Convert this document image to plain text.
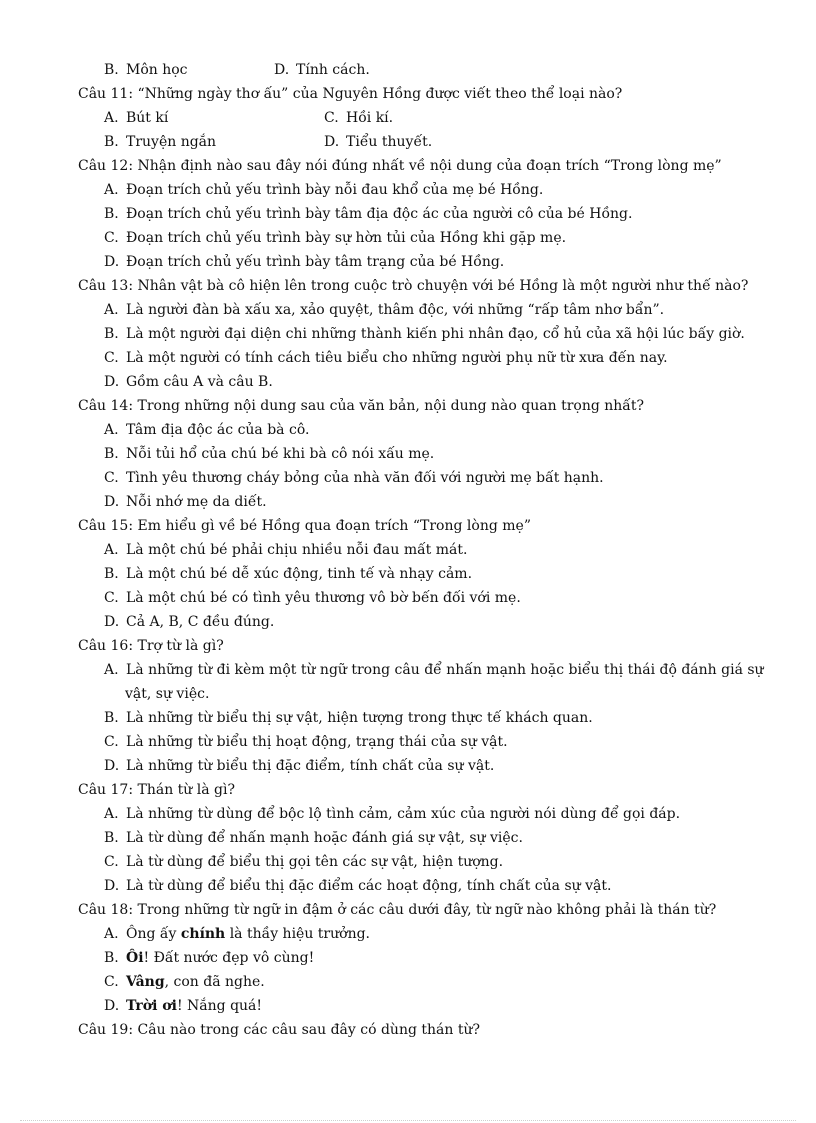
B. Môn học	D. Tính cách.
Câu 11: “Những ngày thơ ấu” của Nguyên Hồng được viết theo thể loại nào?
A. Bút kí	C. Hồi kí.
B. Truyện ngắn	D. Tiểu thuyết.
Câu 12: Nhận định nào sau đây nói đúng nhất về nội dung của đoạn trích “Trong lòng mẹ”
A. Đoạn trích chủ yếu trình bày nỗi đau khổ của mẹ bé Hồng.
B. Đoạn trích chủ yếu trình bày tâm địa độc ác của người cô của bé Hồng.
C. Đoạn trích chủ yếu trình bày sự hờn tủi của Hồng khi gặp mẹ.
D. Đoạn trích chủ yếu trình bày tâm trạng của bé Hồng.
Câu 13: Nhân vật bà cô hiện lên trong cuộc trò chuyện với bé Hồng là một người như thế nào?
A. Là người đàn bà xấu xa, xảo quyệt, thâm độc, với những “rấp tâm nhơ bẩn”.
B. Là một người đại diện chi những thành kiến phi nhân đạo, cổ hủ của xã hội lúc bấy giờ.
C. Là một người có tính cách tiêu biểu cho những người phụ nữ từ xưa đến nay.
D. Gồm câu A và câu B.
Câu 14: Trong những nội dung sau của văn bản, nội dung nào quan trọng nhất?
A. Tâm địa độc ác của bà cô.
B. Nỗi tủi hổ của chú bé khi bà cô nói xấu mẹ.
C. Tình yêu thương cháy bỏng của nhà văn đối với người mẹ bất hạnh.
D. Nỗi nhớ mẹ da diết.
Câu 15: Em hiểu gì về bé Hồng qua đoạn trích “Trong lòng mẹ”
A. Là một chú bé phải chịu nhiều nỗi đau mất mát.
B. Là một chú bé dễ xúc động, tinh tế và nhạy cảm.
C. Là một chú bé có tình yêu thương vô bờ bến đối với mẹ.
D. Cả A, B, C đều đúng.
Câu 16: Trợ từ là gì?
A. Là những từ đi kèm một từ ngữ trong câu để nhấn mạnh hoặc biểu thị thái độ đánh giá sự
vật, sự việc.
B. Là những từ biểu thị sự vật, hiện tượng trong thực tế khách quan.
C. Là những từ biểu thị hoạt động, trạng thái của sự vật.
D. Là những từ biểu thị đặc điểm, tính chất của sự vật.
Câu 17: Thán từ là gì?
A. Là những từ dùng để bộc lộ tình cảm, cảm xúc của người nói dùng để gọi đáp.
B. Là từ dùng để nhấn mạnh hoặc đánh giá sự vật, sự việc.
C. Là từ dùng để biểu thị gọi tên các sự vật, hiện tượng.
D. Là từ dùng để biểu thị đặc điểm các hoạt động, tính chất của sự vật.
Câu 18: Trong những từ ngữ in đậm ở các câu dưới đây, từ ngữ nào không phải là thán từ?
A. Ông ấy chính là thầy hiệu trưởng.
B. Ôi! Đất nước đẹp vô cùng!
C. Vâng, con đã nghe.
D. Trời ơi! Nắng quá!
Câu 19: Câu nào trong các câu sau đây có dùng thán từ?
